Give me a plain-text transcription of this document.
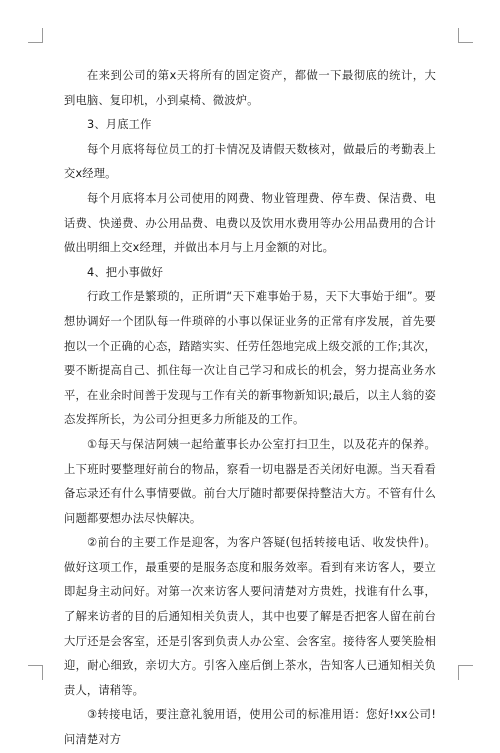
在来到公司的第x天将所有的固定资产，都做一下最彻底的统计，大到电脑、复印机，小到桌椅、微波炉。

3、月底工作

每个月底将每位员工的打卡情况及请假天数核对，做最后的考勤表上交x经理。

每个月底将本月公司使用的网费、物业管理费、停车费、保洁费、电话费、快递费、办公用品费、电费以及饮用水费用等办公用品费用的合计做出明细上交x经理，并做出本月与上月金额的对比。

4、把小事做好

行政工作是繁琐的，正所谓“天下难事始于易，天下大事始于细”。要想协调好一个团队每一件琐碎的小事以保证业务的正常有序发展，首先要抱以一个正确的心态，踏踏实实、任劳任怨地完成上级交派的工作;其次，要不断提高自己、抓住每一次让自己学习和成长的机会，努力提高业务水平，在业余时间善于发现与工作有关的新事物新知识;最后，以主人翁的姿态发挥所长，为公司分担更多力所能及的工作。

①每天与保洁阿姨一起给董事长办公室打扫卫生，以及花卉的保养。上下班时要整理好前台的物品，察看一切电器是否关闭好电源。当天看看备忘录还有什么事情要做。前台大厅随时都要保持整洁大方。不管有什么问题都要想办法尽快解决。

②前台的主要工作是迎客，为客户答疑(包括转接电话、收发快件)。做好这项工作，最重要的是服务态度和服务效率。看到有来访客人，要立即起身主动问好。对第一次来访客人要问清楚对方贵姓，找谁有什么事，了解来访者的目的后通知相关负责人，其中也要了解是否把客人留在前台大厅还是会客室，还是引客到负责人办公室、会客室。接待客人要笑脸相迎，耐心细致，亲切大方。引客入座后倒上茶水，告知客人已通知相关负责人，请稍等。

③转接电话，要注意礼貌用语，使用公司的标准用语：您好!xx公司!问清楚对方
